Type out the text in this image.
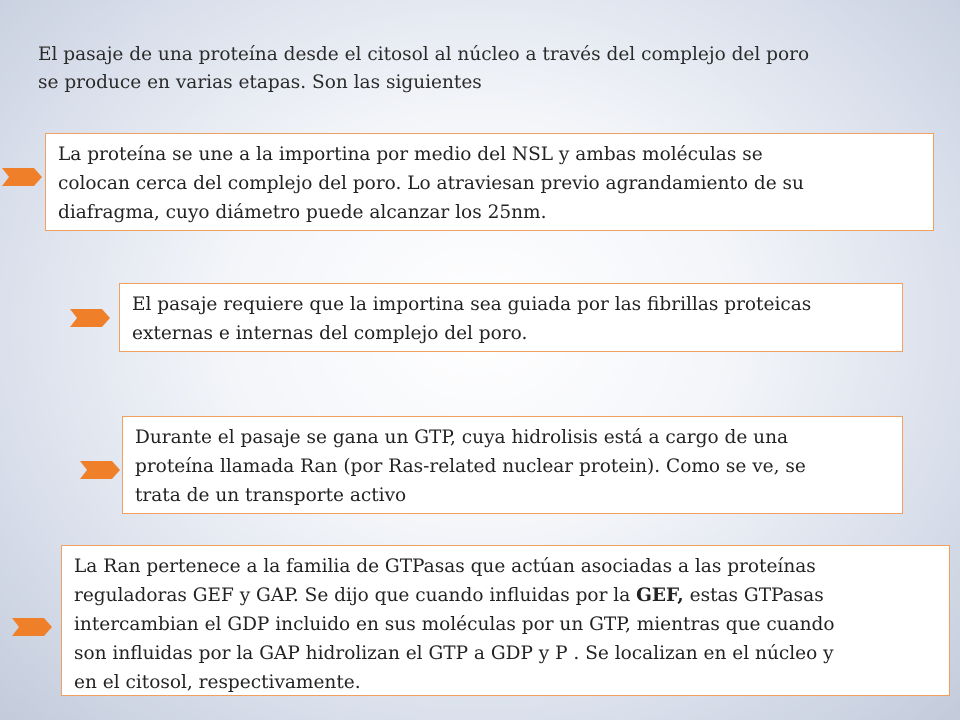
El pasaje de una proteína desde el citosol al núcleo a través del complejo del poro
se produce en varias etapas. Son las siguientes
La proteína se une a la importina por medio del NSL y ambas moléculas se
colocan cerca del complejo del poro. Lo atraviesan previo agrandamiento de su
diafragma, cuyo diámetro puede alcanzar los 25nm.
El pasaje requiere que la importina sea guiada por las fibrillas proteicas
externas e internas del complejo del poro.
Durante el pasaje se gana un GTP, cuya hidrolisis está a cargo de una
proteína llamada Ran (por Ras-related nuclear protein). Como se ve, se
trata de un transporte activo
La Ran pertenece a la familia de GTPasas que actúan asociadas a las proteínas
reguladoras GEF y GAP. Se dijo que cuando influidas por la GEF, estas GTPasas
intercambian el GDP incluido en sus moléculas por un GTP, mientras que cuando
son influidas por la GAP hidrolizan el GTP a GDP y P . Se localizan en el núcleo y
en el citosol, respectivamente.
